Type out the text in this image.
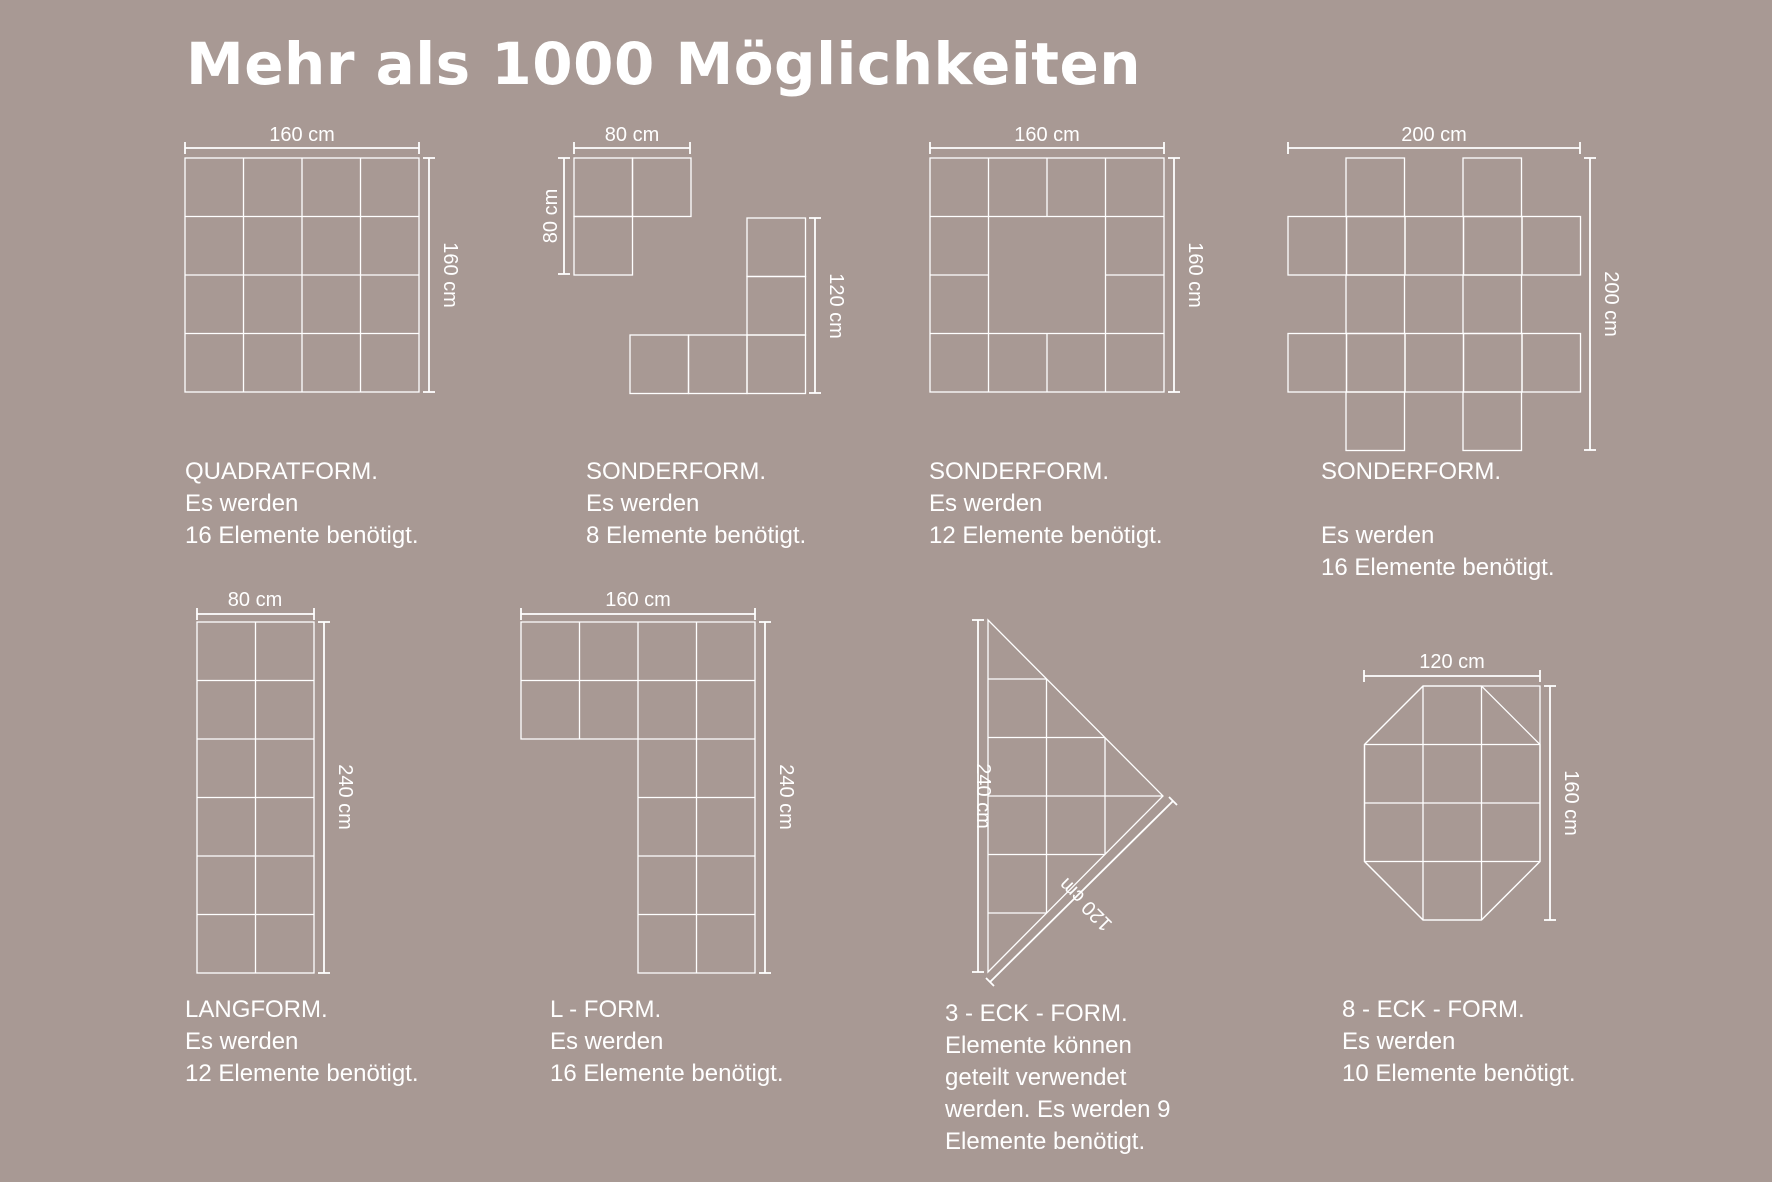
Mehr als 1000 Möglichkeiten
160 cm
160 cm
80 cm
80 cm
120 cm
160 cm
160 cm
200 cm
200 cm
80 cm
240 cm
160 cm
240 cm	240 cm
120 cm
120 cm
160 cm
QUADRATFORM.
Es werden
16 Elemente benötigt.
SONDERFORM.
Es werden
8 Elemente benötigt.
SONDERFORM.
Es werden
12 Elemente benötigt.
SONDERFORM.
Es werden
16 Elemente benötigt.
LANGFORM.
Es werden
12 Elemente benötigt.
L - FORM.
Es werden
16 Elemente benötigt.
3 - ECK - FORM.
Elemente können
geteilt verwendet
werden. Es werden 9
Elemente benötigt.
8 - ECK - FORM.
Es werden
10 Elemente benötigt.
